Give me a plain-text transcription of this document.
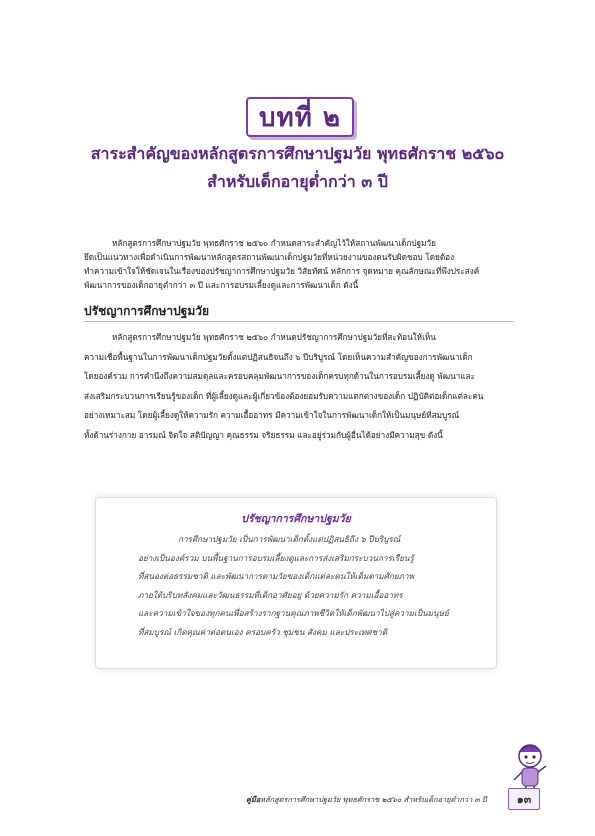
บทที่ ๒
สาระสำคัญของหลักสูตรการศึกษาปฐมวัย พุทธศักราช ๒๕๖๐
สำหรับเด็กอายุต่ำกว่า ๓ ปี
หลักสูตรการศึกษาปฐมวัย พุทธศักราช ๒๕๖๐ กำหนดสาระสำคัญไว้ให้สถานพัฒนาเด็กปฐมวัย
ยึดเป็นแนวทางเพื่อดำเนินการพัฒนาหลักสูตรสถานพัฒนาเด็กปฐมวัยที่หน่วยงานของตนรับผิดชอบ โดยต้อง
ทำความเข้าใจให้ชัดเจนในเรื่องของปรัชญาการศึกษาปฐมวัย วิสัยทัศน์ หลักการ จุดหมาย คุณลักษณะที่พึงประสงค์
พัฒนาการของเด็กอายุต่ำกว่า ๓ ปี และการอบรมเลี้ยงดูและการพัฒนาเด็ก ดังนี้
ปรัชญาการศึกษาปฐมวัย
หลักสูตรการศึกษาปฐมวัย พุทธศักราช ๒๕๖๐ กำหนดปรัชญาการศึกษาปฐมวัยที่สะท้อนให้เห็น
ความเชื่อพื้นฐานในการพัฒนาเด็กปฐมวัยตั้งแต่ปฏิสนธิจนถึง ๖ ปีบริบูรณ์ โดยเห็นความสำคัญของการพัฒนาเด็ก
โดยองค์รวม การคำนึงถึงความสมดุลและครอบคลุมพัฒนาการของเด็กครบทุกด้านในการอบรมเลี้ยงดู พัฒนาและ
ส่งเสริมกระบวนการเรียนรู้ของเด็ก ที่ผู้เลี้ยงดูและผู้เกี่ยวข้องต้องยอมรับความแตกต่างของเด็ก ปฏิบัติต่อเด็กแต่ละคน
อย่างเหมาะสม โดยผู้เลี้ยงดูให้ความรัก ความเอื้ออาทร มีความเข้าใจในการพัฒนาเด็กให้เป็นมนุษย์ที่สมบูรณ์
ทั้งด้านร่างกาย อารมณ์ จิตใจ สติปัญญา คุณธรรม จริยธรรม และอยู่ร่วมกับผู้อื่นได้อย่างมีความสุข ดังนี้
ปรัชญาการศึกษาปฐมวัย
การศึกษาปฐมวัย เป็นการพัฒนาเด็กตั้งแต่ปฏิสนธิถึง ๖ ปีบริบูรณ์
อย่างเป็นองค์รวม บนพื้นฐานการอบรมเลี้ยงดูและการส่งเสริมกระบวนการเรียนรู้
ที่สนองต่อธรรมชาติ และพัฒนาการตามวัยของเด็กแต่ละคนให้เต็มตามศักยภาพ
ภายใต้บริบทสังคมและวัฒนธรรมที่เด็กอาศัยอยู่ ด้วยความรัก ความเอื้ออาทร
และความเข้าใจของทุกคนเพื่อสร้างรากฐานคุณภาพชีวิตให้เด็กพัฒนาไปสู่ความเป็นมนุษย์
ที่สมบูรณ์ เกิดคุณค่าต่อตนเอง ครอบครัว ชุมชน สังคม และประเทศชาติ
คู่มือหลักสูตรการศึกษาปฐมวัย พุทธศักราช ๒๕๖๐ สำหรับเด็กอายุต่ำกว่า ๓ ปี	๑๓
